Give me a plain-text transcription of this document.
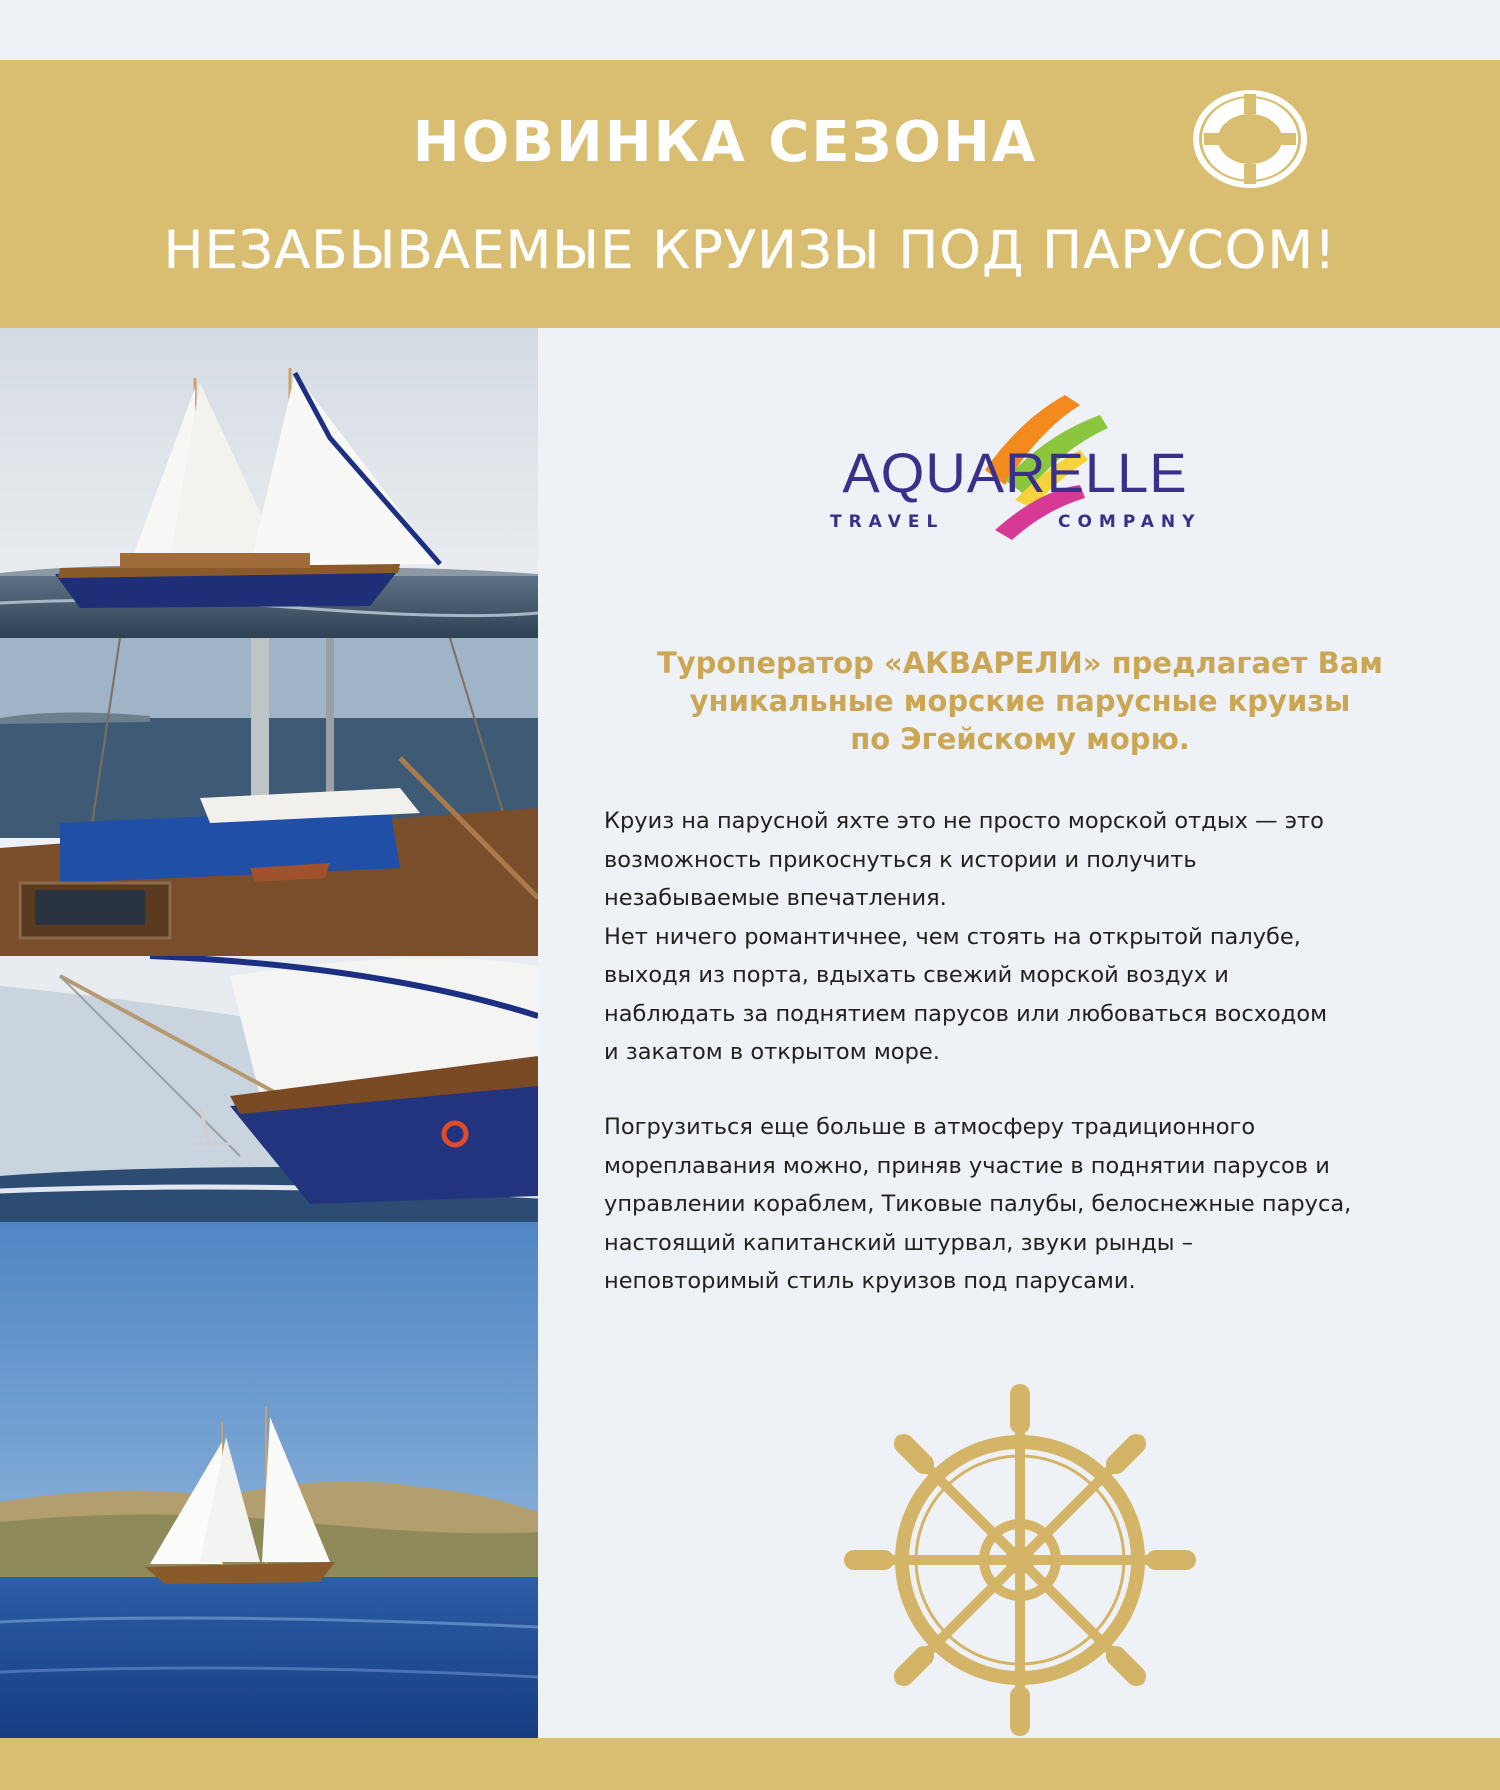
НОВИНКА СЕЗОНА
НЕЗАБЫВАЕМЫЕ КРУИЗЫ ПОД ПАРУСОМ!
AQUARELLE
TRAVEL	COMPANY
Туроператор «АКВАРЕЛИ» предлагает Вам
уникальные морские парусные круизы
по Эгейскому морю.
Круиз на парусной яхте это не просто морской отдых — это
возможность прикоснуться к истории и получить
незабываемые впечатления.
Нет ничего романтичнее, чем стоять на открытой палубе,
выходя из порта, вдыхать свежий морской воздух и
наблюдать за поднятием парусов или любоваться восходом
и закатом в открытом море.
Погрузиться еще больше в атмосферу традиционного
мореплавания можно, приняв участие в поднятии парусов и
управлении кораблем, Тиковые палубы, белоснежные паруса,
настоящий капитанский штурвал, звуки рынды –
неповторимый стиль круизов под парусами.
